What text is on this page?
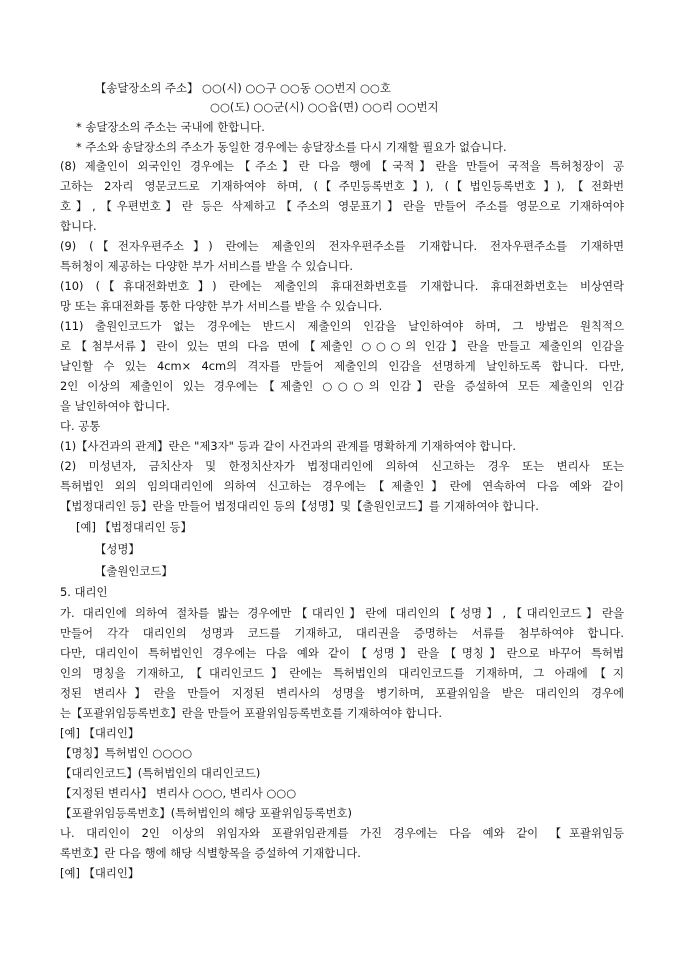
【송달장소의 주소】 ○○(시) ○○구 ○○동 ○○번지 ○○호
○○(도) ○○군(시) ○○읍(면) ○○리 ○○번지
* 송달장소의 주소는 국내에 한합니다.
* 주소와 송달장소의 주소가 동일한 경우에는 송달장소를 다시 기재할 필요가 없습니다.
(8) 제출인이 외국인인 경우에는【주소】란 다음 행에【국적】란을 만들어 국적을 특허청장이 공
고하는 2자리 영문코드로 기재하여야 하며, (【주민등록번호】), (【법인등록번호】),【전화번
호】,【우편번호】란 등은 삭제하고【주소의 영문표기】란을 만들어 주소를 영문으로 기재하여야
합니다.
(9) (【전자우편주소】) 란에는 제출인의 전자우편주소를 기재합니다. 전자우편주소를 기재하면
특허청이 제공하는 다양한 부가 서비스를 받을 수 있습니다.
(10) (【휴대전화번호】) 란에는 제출인의 휴대전화번호를 기재합니다. 휴대전화번호는 비상연락
망 또는 휴대전화를 통한 다양한 부가 서비스를 받을 수 있습니다.
(11) 출원인코드가 없는 경우에는 반드시 제출인의 인감을 날인하여야 하며, 그 방법은 원칙적으
로【첨부서류】란이 있는 면의 다음 면에【제출인 ○○○의 인감】란을 만들고 제출인의 인감을
날인할 수 있는 4cm× 4cm의 격자를 만들어 제출인의 인감을 선명하게 날인하도록 합니다. 다만,
2인 이상의 제출인이 있는 경우에는【제출인 ○○○의 인감】란을 증설하여 모든 제출인의 인감
을 날인하여야 합니다.
다. 공통
(1)【사건과의 관계】란은 "제3자" 등과 같이 사건과의 관계를 명확하게 기재하여야 합니다.
(2) 미성년자, 금치산자 및 한정치산자가 법정대리인에 의하여 신고하는 경우 또는 변리사 또는
특허법인 외의 임의대리인에 의하여 신고하는 경우에는【제출인】란에 연속하여 다음 예와 같이
【법정대리인 등】란을 만들어 법정대리인 등의【성명】및【출원인코드】를 기재하여야 합니다.
[예] 【법정대리인 등】
【성명】
【출원인코드】
5. 대리인
가. 대리인에 의하여 절차를 밟는 경우에만【대리인】란에 대리인의【성명】,【대리인코드】란을
만들어 각각 대리인의 성명과 코드를 기재하고, 대리권을 증명하는 서류를 첨부하여야 합니다.
다만, 대리인이 특허법인인 경우에는 다음 예와 같이【성명】란을【명칭】란으로 바꾸어 특허법
인의 명칭을 기재하고,【대리인코드】란에는 특허법인의 대리인코드를 기재하며, 그 아래에【지
정된 변리사】란을 만들어 지정된 변리사의 성명을 병기하며, 포괄위임을 받은 대리인의 경우에
는【포괄위임등록번호】란을 만들어 포괄위임등록번호를 기재하여야 합니다.
[예] 【대리인】
【명칭】특허법인 ○○○○
【대리인코드】(특허법인의 대리인코드)
【지정된 변리사】 변리사 ○○○, 변리사 ○○○
【포괄위임등록번호】(특허법인의 해당 포괄위임등록번호)
나. 대리인이 2인 이상의 위임자와 포괄위임관계를 가진 경우에는 다음 예와 같이 【포괄위임등
록번호】란 다음 행에 해당 식별항목을 증설하여 기재합니다.
[예] 【대리인】
